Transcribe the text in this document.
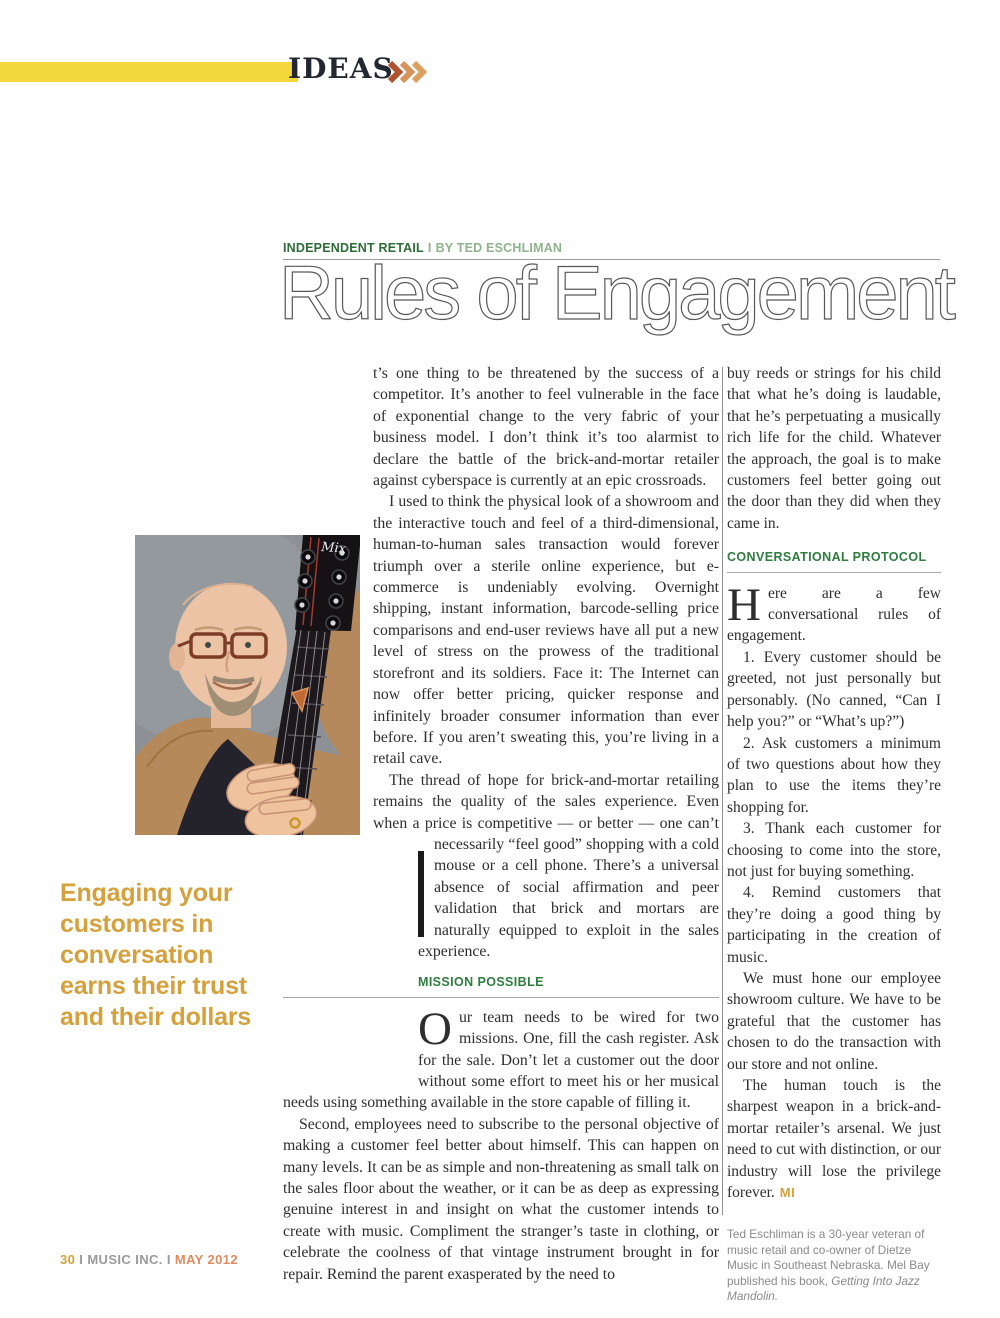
IDEAS
INDEPENDENT RETAIL I BY TED ESCHLIMAN
Rules of Engagement

t’s one thing to be threatened by the success of a competitor. It’s another to feel vulnerable in the face of exponential change to the very fabric of your business model. I don’t think it’s too alarmist to declare the battle of the brick-and-mortar retailer against cyberspace is currently at an epic crossroads.

I used to think the physical look of a showroom and the interactive touch and feel of a third-dimensional, human-to-human sales transaction would forever triumph over a sterile online experience, but e-commerce is undeniably evolving. Overnight shipping, instant information, barcode-selling price comparisons and end-user reviews have all put a new level of stress on the prowess of the traditional storefront and its soldiers. Face it: The Internet can now offer better pricing, quicker response and infinitely broader consumer information than ever before. If you aren’t sweating this, you’re living in a retail cave.

The thread of hope for brick-and-mortar retailing remains the quality of the sales experience. Even when a price is competitive — or better — one can’t necessarily “feel good” shopping with a cold mouse or a cell phone. There’s a universal absence of social affirmation and peer validation that brick and mortars are naturally equipped to exploit in the sales experience.

MISSION POSSIBLE

Our team needs to be wired for two missions. One, fill the cash register. Ask for the sale. Don’t let a customer out the door without some effort to meet his or her musical needs using something available in the store capable of filling it.

Second, employees need to subscribe to the personal objective of making a customer feel better about himself. This can happen on many levels. It can be as simple and non-threatening as small talk on the sales floor about the weather, or it can be as deep as expressing genuine interest in and insight on what the customer intends to create with music. Compliment the stranger’s taste in clothing, or celebrate the coolness of that vintage instrument brought in for repair. Remind the parent exasperated by the need to

buy reeds or strings for his child that what he’s doing is laudable, that he’s perpetuating a musically rich life for the child. Whatever the approach, the goal is to make customers feel better going out the door than they did when they came in.

CONVERSATIONAL PROTOCOL

Here are a few conversational rules of engagement.

1. Every customer should be greeted, not just personally but personably. (No canned, “Can I help you?” or “What’s up?”)

2. Ask customers a minimum of two questions about how they plan to use the items they’re shopping for.

3. Thank each customer for choosing to come into the store, not just for buying something.

4. Remind customers that they’re doing a good thing by participating in the creation of music.

We must hone our employee showroom culture. We have to be grateful that the customer has chosen to do the transaction with our store and not online.

The human touch is the sharpest weapon in a brick-and-mortar retailer’s arsenal. We just need to cut with distinction, or our industry will lose the privilege forever. MI

Ted Eschliman is a 30-year veteran of music retail and co-owner of Dietze Music in Southeast Nebraska. Mel Bay published his book, Getting Into Jazz Mandolin.
Engaging your
customers in
conversation
earns their trust
and their dollars
Mix
30 I MUSIC INC. I MAY 2012
